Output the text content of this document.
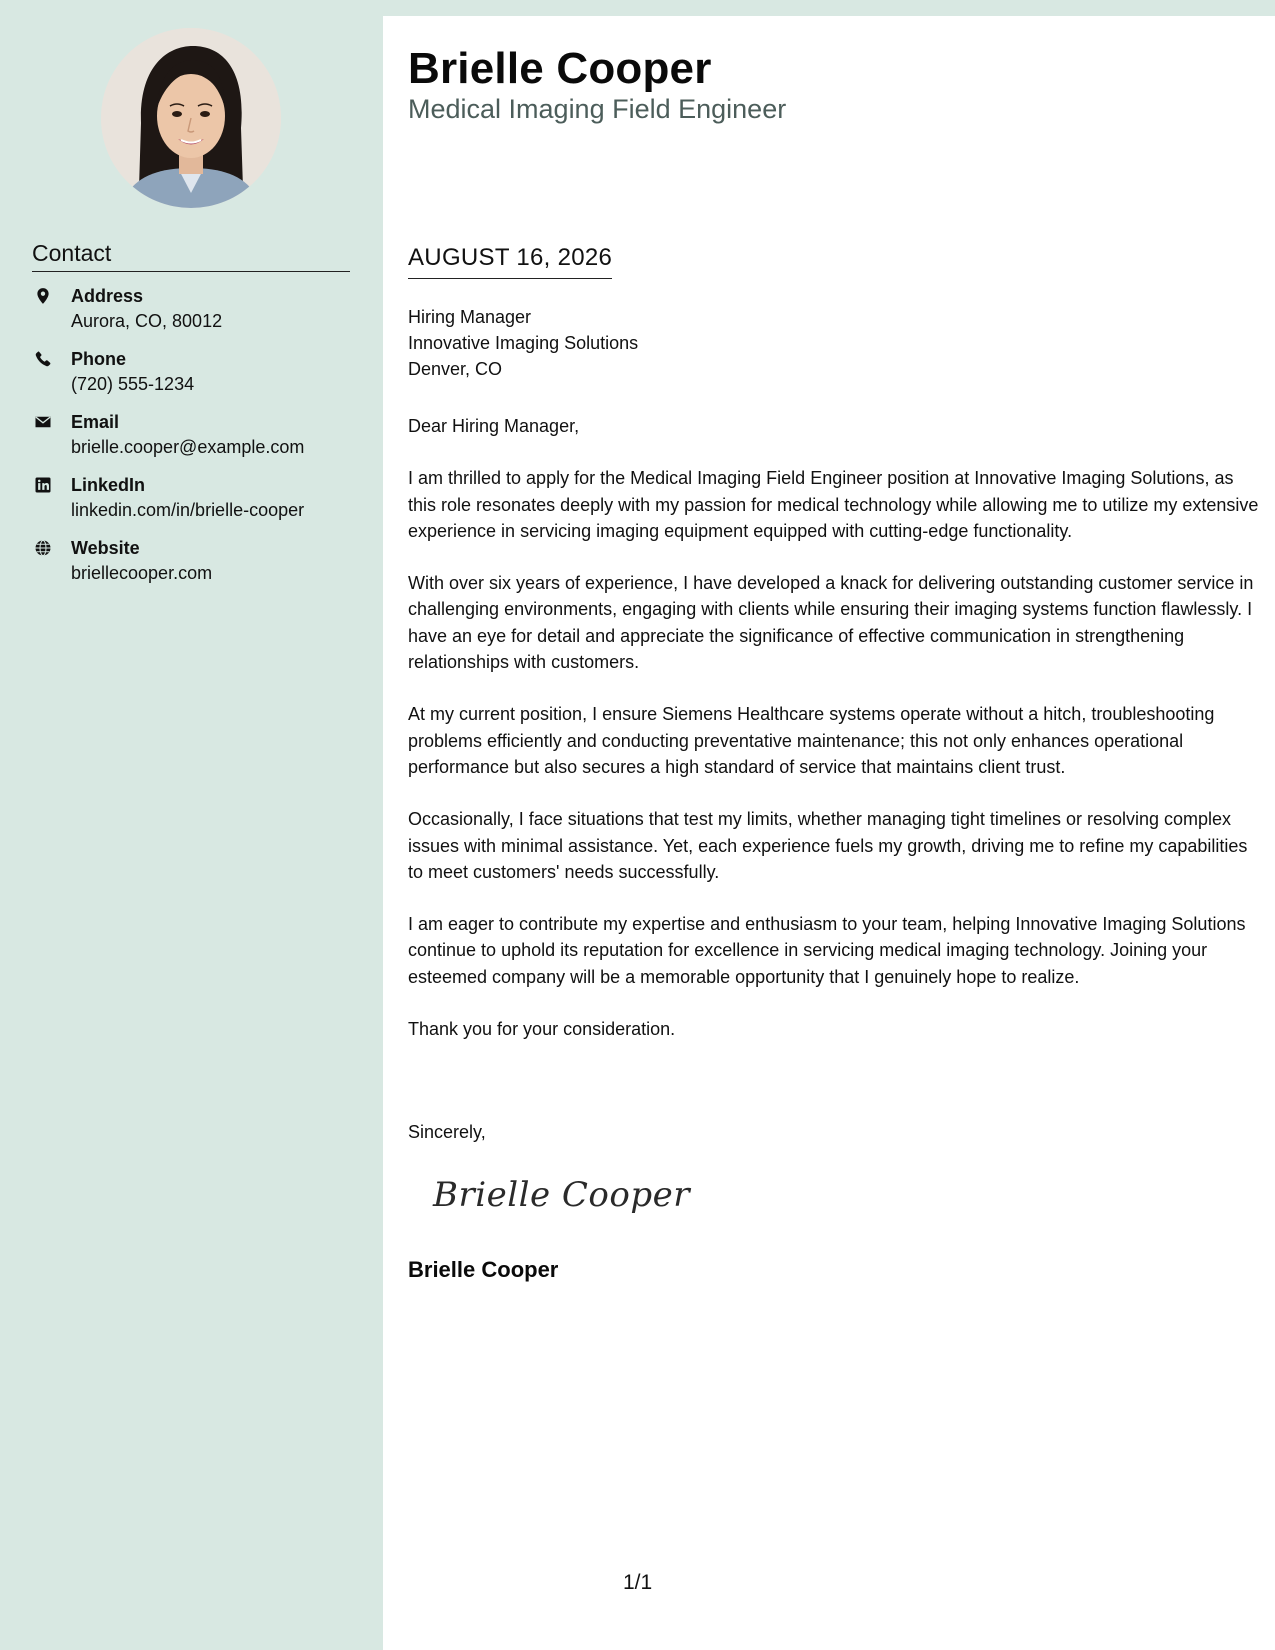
Contact
Address
Aurora, CO, 80012
Phone
(720) 555-1234
Email
brielle.cooper@example.com
LinkedIn
linkedin.com/in/brielle-cooper
Website
briellecooper.com
Brielle Cooper
Medical Imaging Field Engineer
AUGUST 16, 2026
Hiring Manager
Innovative Imaging Solutions
Denver, CO

Dear Hiring Manager,

I am thrilled to apply for the Medical Imaging Field Engineer position at Innovative Imaging Solutions, as this role resonates deeply with my passion for medical technology while allowing me to utilize my extensive experience in servicing imaging equipment equipped with cutting-edge functionality.

With over six years of experience, I have developed a knack for delivering outstanding customer service in challenging environments, engaging with clients while ensuring their imaging systems function flawlessly. I have an eye for detail and appreciate the significance of effective communication in strengthening relationships with customers.

At my current position, I ensure Siemens Healthcare systems operate without a hitch, troubleshooting problems efficiently and conducting preventative maintenance; this not only enhances operational performance but also secures a high standard of service that maintains client trust.

Occasionally, I face situations that test my limits, whether managing tight timelines or resolving complex issues with minimal assistance. Yet, each experience fuels my growth, driving me to refine my capabilities to meet customers' needs successfully.

I am eager to contribute my expertise and enthusiasm to your team, helping Innovative Imaging Solutions continue to uphold its reputation for excellence in servicing medical imaging technology. Joining your esteemed company will be a memorable opportunity that I genuinely hope to realize.

Thank you for your consideration.

Sincerely,
Brielle Cooper
Brielle Cooper
1/1
